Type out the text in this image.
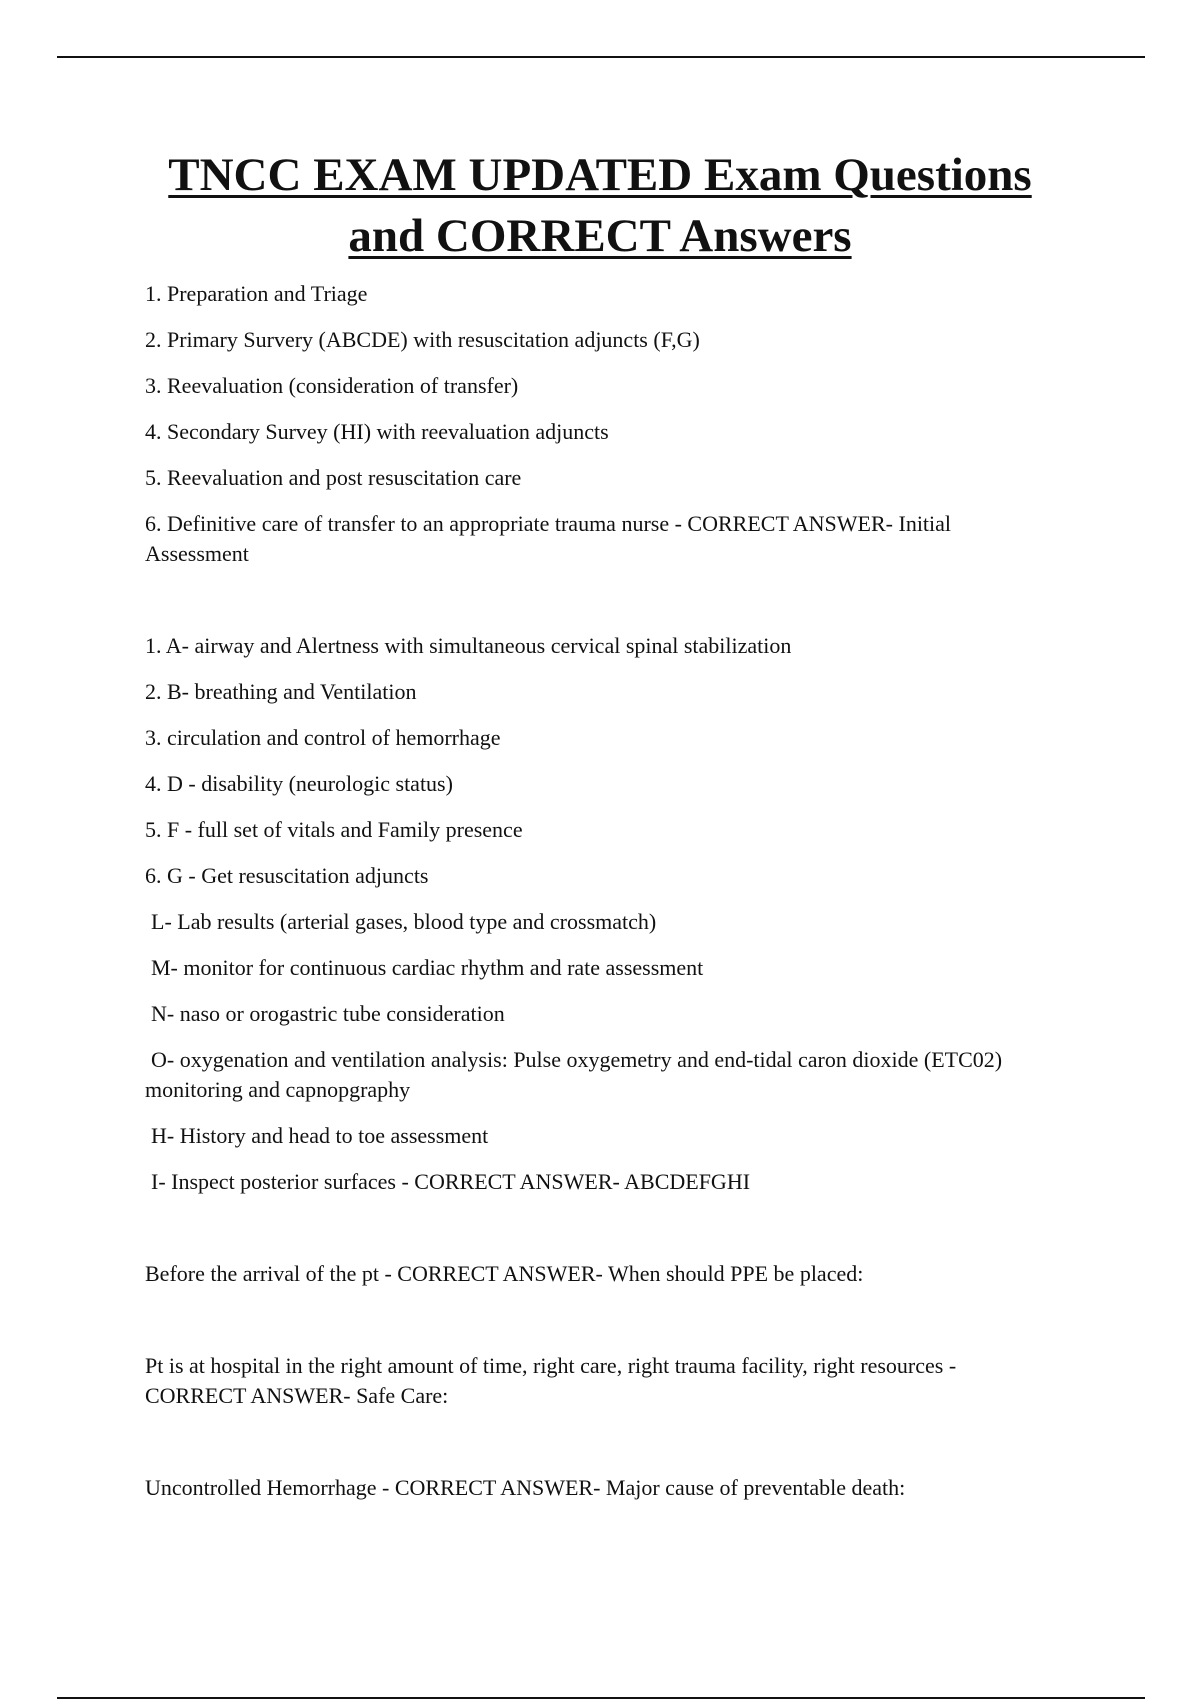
TNCC EXAM UPDATED Exam Questions
and CORRECT Answers

1. Preparation and Triage

2. Primary Survery (ABCDE) with resuscitation adjuncts (F,G)

3. Reevaluation (consideration of transfer)

4. Secondary Survey (HI) with reevaluation adjuncts

5. Reevaluation and post resuscitation care

6. Definitive care of transfer to an appropriate trauma nurse - CORRECT ANSWER- Initial Assessment

1. A- airway and Alertness with simultaneous cervical spinal stabilization

2. B- breathing and Ventilation

3. circulation and control of hemorrhage

4. D - disability (neurologic status)

5. F - full set of vitals and Family presence

6. G - Get resuscitation adjuncts

L- Lab results (arterial gases, blood type and crossmatch)

M- monitor for continuous cardiac rhythm and rate assessment

N- naso or orogastric tube consideration

O- oxygenation and ventilation analysis: Pulse oxygemetry and end-tidal caron dioxide (ETC02) monitoring and capnopgraphy

H- History and head to toe assessment

I- Inspect posterior surfaces - CORRECT ANSWER- ABCDEFGHI

Before the arrival of the pt - CORRECT ANSWER- When should PPE be placed:

Pt is at hospital in the right amount of time, right care, right trauma facility, right resources - CORRECT ANSWER- Safe Care:

Uncontrolled Hemorrhage - CORRECT ANSWER- Major cause of preventable death:
